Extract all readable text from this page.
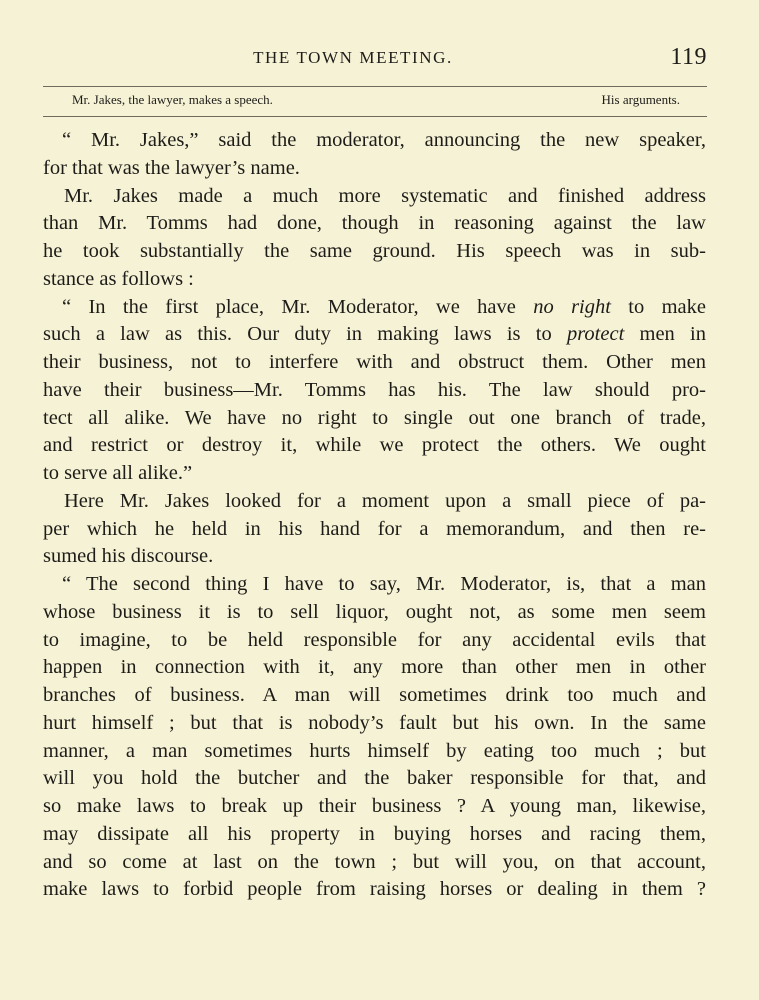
THE TOWN MEETING.	119
Mr. Jakes, the lawyer, makes a speech.	His arguments.
“ Mr. Jakes,” said the moderator, announcing the new speaker,
for that was the lawyer’s name.
Mr. Jakes made a much more systematic and finished address
than Mr. Tomms had done, though in reasoning against the law
he took substantially the same ground. His speech was in sub-
stance as follows :
“ In the first place, Mr. Moderator, we have no right to make
such a law as this. Our duty in making laws is to protect men in
their business, not to interfere with and obstruct them. Other men
have their business—Mr. Tomms has his. The law should pro-
tect all alike. We have no right to single out one branch of trade,
and restrict or destroy it, while we protect the others. We ought
to serve all alike.”
Here Mr. Jakes looked for a moment upon a small piece of pa-
per which he held in his hand for a memorandum, and then re-
sumed his discourse.
“ The second thing I have to say, Mr. Moderator, is, that a man
whose business it is to sell liquor, ought not, as some men seem
to imagine, to be held responsible for any accidental evils that
happen in connection with it, any more than other men in other
branches of business. A man will sometimes drink too much and
hurt himself ; but that is nobody’s fault but his own. In the same
manner, a man sometimes hurts himself by eating too much ; but
will you hold the butcher and the baker responsible for that, and
so make laws to break up their business ? A young man, likewise,
may dissipate all his property in buying horses and racing them,
and so come at last on the town ; but will you, on that account,
make laws to forbid people from raising horses or dealing in them ?
